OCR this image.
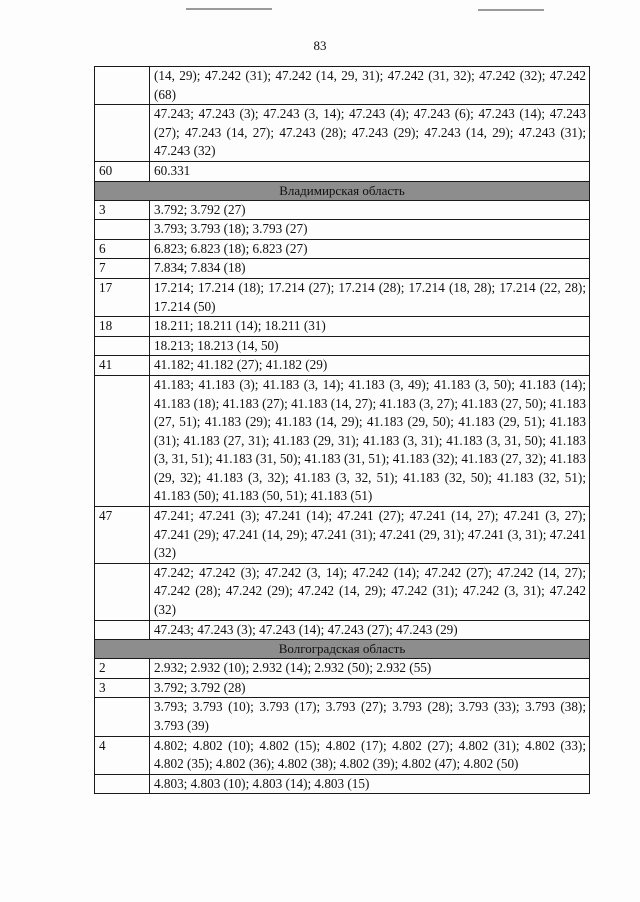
83
	(14, 29); 47.242 (31); 47.242 (14, 29, 31); 47.242 (31, 32); 47.242 (32); 47.242 (68)
	47.243; 47.243 (3); 47.243 (3, 14); 47.243 (4); 47.243 (6); 47.243 (14); 47.243 (27); 47.243 (14, 27); 47.243 (28); 47.243 (29); 47.243 (14, 29); 47.243 (31); 47.243 (32)
60	60.331
Владимирская область	
3	3.792; 3.792 (27)
	3.793; 3.793 (18); 3.793 (27)
6	6.823; 6.823 (18); 6.823 (27)
7	7.834; 7.834 (18)
17	17.214; 17.214 (18); 17.214 (27); 17.214 (28); 17.214 (18, 28); 17.214 (22, 28); 17.214 (50)
18	18.211; 18.211 (14); 18.211 (31)
	18.213; 18.213 (14, 50)
41	41.182; 41.182 (27); 41.182 (29)
	41.183; 41.183 (3); 41.183 (3, 14); 41.183 (3, 49); 41.183 (3, 50); 41.183 (14); 41.183 (18); 41.183 (27); 41.183 (14, 27); 41.183 (3, 27); 41.183 (27, 50); 41.183 (27, 51); 41.183 (29); 41.183 (14, 29); 41.183 (29, 50); 41.183 (29, 51); 41.183 (31); 41.183 (27, 31); 41.183 (29, 31); 41.183 (3, 31); 41.183 (3, 31, 50); 41.183 (3, 31, 51); 41.183 (31, 50); 41.183 (31, 51); 41.183 (32); 41.183 (27, 32); 41.183 (29, 32); 41.183 (3, 32); 41.183 (3, 32, 51); 41.183 (32, 50); 41.183 (32, 51); 41.183 (50); 41.183 (50, 51); 41.183 (51)
47	47.241; 47.241 (3); 47.241 (14); 47.241 (27); 47.241 (14, 27); 47.241 (3, 27); 47.241 (29); 47.241 (14, 29); 47.241 (31); 47.241 (29, 31); 47.241 (3, 31); 47.241 (32)
	47.242; 47.242 (3); 47.242 (3, 14); 47.242 (14); 47.242 (27); 47.242 (14, 27); 47.242 (28); 47.242 (29); 47.242 (14, 29); 47.242 (31); 47.242 (3, 31); 47.242 (32)
	47.243; 47.243 (3); 47.243 (14); 47.243 (27); 47.243 (29)
Волгоградская область	
2	2.932; 2.932 (10); 2.932 (14); 2.932 (50); 2.932 (55)
3	3.792; 3.792 (28)
	3.793; 3.793 (10); 3.793 (17); 3.793 (27); 3.793 (28); 3.793 (33); 3.793 (38); 3.793 (39)
4	4.802; 4.802 (10); 4.802 (15); 4.802 (17); 4.802 (27); 4.802 (31); 4.802 (33); 4.802 (35); 4.802 (36); 4.802 (38); 4.802 (39); 4.802 (47); 4.802 (50)
	4.803; 4.803 (10); 4.803 (14); 4.803 (15)
